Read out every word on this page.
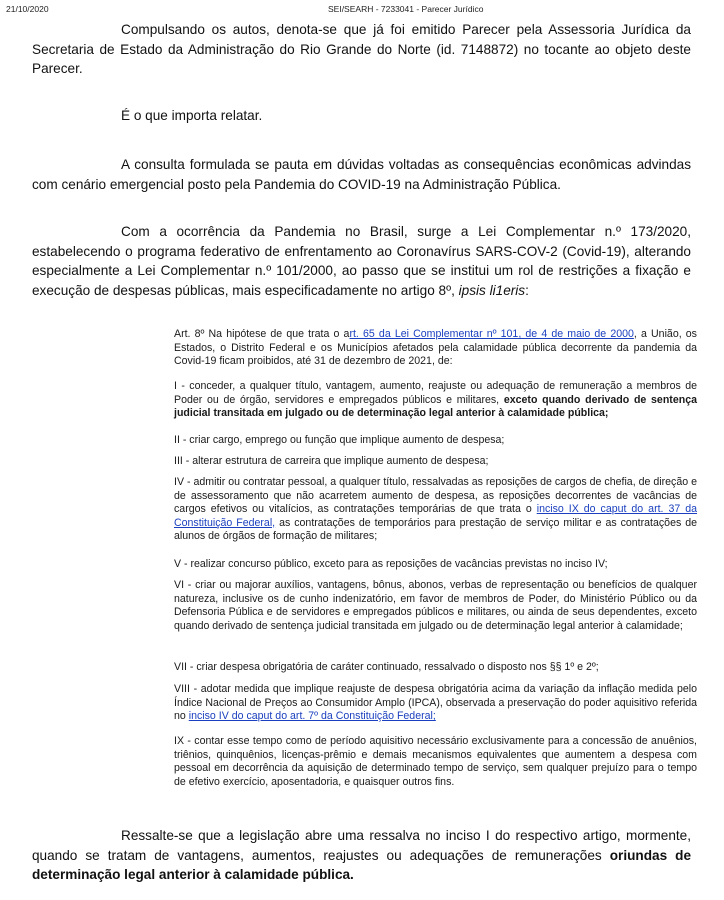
21/10/2020	SEI/SEARH - 7233041 - Parecer Jurídico

Compulsando os autos, denota-se que já foi emitido Parecer pela Assessoria Jurídica da Secretaria de Estado da Administração do Rio Grande do Norte (id. 7148872) no tocante ao objeto deste Parecer.

É o que importa relatar.

A consulta formulada se pauta em dúvidas voltadas as consequências econômicas advindas com cenário emergencial posto pela Pandemia do COVID-19 na Administração Pública.

Com a ocorrência da Pandemia no Brasil, surge a Lei Complementar n.º 173/2020, estabelecendo o programa federativo de enfrentamento ao Coronavírus SARS-COV-2 (Covid-19), alterando especialmente a Lei Complementar n.º 101/2000, ao passo que se institui um rol de restrições a fixação e execução de despesas públicas, mais especificadamente no artigo 8º, ipsis li1eris:

Art. 8º Na hipótese de que trata o art. 65 da Lei Complementar nº 101, de 4 de maio de 2000, a União, os Estados, o Distrito Federal e os Municípios afetados pela calamidade pública decorrente da pandemia da Covid-19 ficam proibidos, até 31 de dezembro de 2021, de:

I - conceder, a qualquer título, vantagem, aumento, reajuste ou adequação de remuneração a membros de Poder ou de órgão, servidores e empregados públicos e militares, exceto quando derivado de sentença judicial transitada em julgado ou de determinação legal anterior à calamidade pública;

II - criar cargo, emprego ou função que implique aumento de despesa;

III - alterar estrutura de carreira que implique aumento de despesa;

IV - admitir ou contratar pessoal, a qualquer título, ressalvadas as reposições de cargos de chefia, de direção e de assessoramento que não acarretem aumento de despesa, as reposições decorrentes de vacâncias de cargos efetivos ou vitalícios, as contratações temporárias de que trata o inciso IX do caput do art. 37 da Constituição Federal, as contratações de temporários para prestação de serviço militar e as contratações de alunos de órgãos de formação de militares;

V - realizar concurso público, exceto para as reposições de vacâncias previstas no inciso IV;

VI - criar ou majorar auxílios, vantagens, bônus, abonos, verbas de representação ou benefícios de qualquer natureza, inclusive os de cunho indenizatório, em favor de membros de Poder, do Ministério Público ou da Defensoria Pública e de servidores e empregados públicos e militares, ou ainda de seus dependentes, exceto quando derivado de sentença judicial transitada em julgado ou de determinação legal anterior à calamidade;

VII - criar despesa obrigatória de caráter continuado, ressalvado o disposto nos §§ 1º e 2º;

VIII - adotar medida que implique reajuste de despesa obrigatória acima da variação da inflação medida pelo Índice Nacional de Preços ao Consumidor Amplo (IPCA), observada a preservação do poder aquisitivo referida no inciso IV do caput do art. 7º da Constituição Federal;

IX - contar esse tempo como de período aquisitivo necessário exclusivamente para a concessão de anuênios, triênios, quinquênios, licenças-prêmio e demais mecanismos equivalentes que aumentem a despesa com pessoal em decorrência da aquisição de determinado tempo de serviço, sem qualquer prejuízo para o tempo de efetivo exercício, aposentadoria, e quaisquer outros fins.

Ressalte-se que a legislação abre uma ressalva no inciso I do respectivo artigo, mormente, quando se tratam de vantagens, aumentos, reajustes ou adequações de remunerações oriundas de determinação legal anterior à calamidade pública.
